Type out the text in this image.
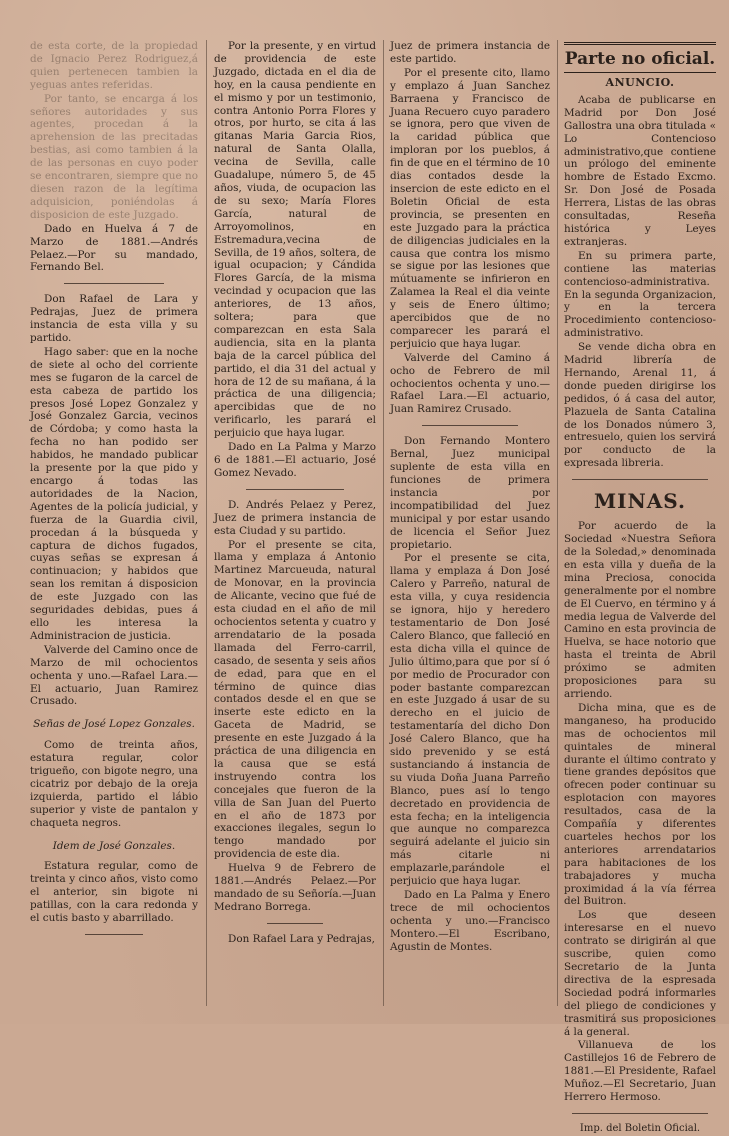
de esta corte, de la propiedad de Ignacio Perez Rodriguez,á quien pertenecen tambien la yeguas antes referidas.

Por tanto, se encarga á los señores autoridades y sus agentes, procedan á la aprehension de las precitadas bestias, asi como tambien á la de las personas en cuyo poder se encontraren, siempre que no diesen razon de la legítima adquisicion, poniéndolas á disposicion de este Juzgado.

Dado en Huelva á 7 de Marzo de 1881.—Andrés Pelaez.—Por su mandado, Fernando Bel.

Don Rafael de Lara y Pedrajas, Juez de primera instancia de esta villa y su partido.

Hago saber: que en la noche de siete al ocho del corriente mes se fugaron de la carcel de esta cabeza de partido los presos José Lopez Gonzalez y José Gonzalez Garcia, vecinos de Córdoba; y como hasta la fecha no han podido ser habidos, he mandado publicar la presente por la que pido y encargo á todas las autoridades de la Nacion, Agentes de la policía judicial, y fuerza de la Guardia civil, procedan á la búsqueda y captura de dichos fugados, cuyas señas se expresan á continuacion; y habidos que sean los remitan á disposicion de este Juzgado con las seguridades debidas, pues á ello les interesa la Administracion de justicia.

Valverde del Camino once de Marzo de mil ochocientos ochenta y uno.—Rafael Lara.—El actuario, Juan Ramirez Crusado.

Señas de José Lopez Gonzales.

Como de treinta años, estatura regular, color trigueño, con bigote negro, una cicatriz por debajo de la oreja izquierda, partido el lábio superior y viste de pantalon y chaqueta negros.

Idem de José Gonzales.

Estatura regular, como de treinta y cinco años, visto como el anterior, sin bigote ni patillas, con la cara redonda y el cutis basto y abarrillado.

Por la presente, y en virtud de providencia de este Juzgado, dictada en el dia de hoy, en la causa pendiente en el mismo y por un testimonio, contra Antonio Porra Flores y otros, por hurto, se cita á las gitanas Maria Garcia Rios, natural de Santa Olalla, vecina de Sevilla, calle Guadalupe, número 5, de 45 años, viuda, de ocupacion las de su sexo; María Flores García, natural de Arroyomolinos, en Estremadura,vecina de Sevilla, de 19 años, soltera, de igual ocupacion; y Cándida Flores García, de la misma vecindad y ocupacion que las anteriores, de 13 años, soltera; para que comparezcan en esta Sala audiencia, sita en la planta baja de la carcel pública del partido, el dia 31 del actual y hora de 12 de su mañana, á la práctica de una diligencia; apercibidas que de no verificarlo, les parará el perjuicio que haya lugar.

Dado en La Palma y Marzo 6 de 1881.—El actuario, José Gomez Nevado.

D. Andrés Pelaez y Perez, Juez de primera instancia de esta Ciudad y su partido.

Por el presente se cita, llama y emplaza á Antonio Martinez Marcueuda, natural de Monovar, en la provincia de Alicante, vecino que fué de esta ciudad en el año de mil ochocientos setenta y cuatro y arrendatario de la posada llamada del Ferro-carril, casado, de sesenta y seis años de edad, para que en el término de quince dias contados desde el en que se inserte este edicto en la Gaceta de Madrid, se presente en este Juzgado á la práctica de una diligencia en la causa que se está instruyendo contra los concejales que fueron de la villa de San Juan del Puerto en el año de 1873 por exacciones ilegales, segun lo tengo mandado por providencia de este dia.

Huelva 9 de Febrero de 1881.—Andrés Pelaez.—Por mandado de su Señoría.—Juan Medrano Borrega.

Don Rafael Lara y Pedrajas,

Juez de primera instancia de este partido.

Por el presente cito, llamo y emplazo á Juan Sanchez Barraena y Francisco de Juana Recuero cuyo paradero se ignora, pero que viven de la caridad pública que imploran por los pueblos, á fin de que en el término de 10 dias contados desde la insercion de este edicto en el Boletin Oficial de esta provincia, se presenten en este Juzgado para la práctica de diligencias judiciales en la causa que contra los mismo se sigue por las lesiones que mútuamente se infirieron en Zalamea la Real el dia veinte y seis de Enero último; apercibidos que de no comparecer les parará el perjuicio que haya lugar.

Valverde del Camino á ocho de Febrero de mil ochocientos ochenta y uno.—Rafael Lara.—El actuario, Juan Ramirez Crusado.

Don Fernando Montero Bernal, Juez municipal suplente de esta villa en funciones de primera instancia por incompatibilidad del Juez municipal y por estar usando de licencia el Señor Juez propietario.

Por el presente se cita, llama y emplaza á Don José Calero y Parreño, natural de esta villa, y cuya residencia se ignora, hijo y heredero testamentario de Don José Calero Blanco, que falleció en esta dicha villa el quince de Julio último,para que por sí ó por medio de Procurador con poder bastante comparezcan en este Juzgado á usar de su derecho en el juicio de testamentaría del dicho Don José Calero Blanco, que ha sido prevenido y se está sustanciando á instancia de su viuda Doña Juana Parreño Blanco, pues así lo tengo decretado en providencia de esta fecha; en la inteligencia que aunque no comparezca seguirá adelante el juicio sin más citarle ni emplazarle,parándole el perjuicio que haya lugar.

Dado en La Palma y Enero trece de mil ochocientos ochenta y uno.—Francisco Montero.—El Escribano, Agustin de Montes.

Parte no oficial.

ANUNCIO.

Acaba de publicarse en Madrid por Don José Gallostra una obra titulada « Lo Contencioso administrativo,que contiene un prólogo del eminente hombre de Estado Excmo. Sr. Don José de Posada Herrera, Listas de las obras consultadas, Reseña histórica y Leyes extranjeras.

En su primera parte, contiene las materias contencioso-administrativa. En la segunda Organizacion, y en la tercera Procedimiento contencioso-administrativo.

Se vende dicha obra en Madrid librería de Hernando, Arenal 11, á donde pueden dirigirse los pedidos, ó á casa del autor, Plazuela de Santa Catalina de los Donados número 3, entresuelo, quien los servirá por conducto de la expresada libreria.

MINAS.

Por acuerdo de la Sociedad «Nuestra Señora de la Soledad,» denominada en esta villa y dueña de la mina Preciosa, conocida generalmente por el nombre de El Cuervo, en término y á media legua de Valverde del Camino en esta provincia de Huelva, se hace notorio que hasta el treinta de Abril próximo se admiten proposiciones para su arriendo.

Dicha mina, que es de manganeso, ha producido mas de ochocientos mil quintales de mineral durante el último contrato y tiene grandes depósitos que ofrecen poder continuar su esplotacion con mayores resultados, casa de la Compañía y diferentes cuarteles hechos por los anteriores arrendatarios para habitaciones de los trabajadores y mucha proximidad á la vía férrea del Buitron.

Los que deseen interesarse en el nuevo contrato se dirigirán al que suscribe, quien como Secretario de la Junta directiva de la espresada Sociedad podrá informarles del pliego de condiciones y trasmitirá sus proposiciones á la general.

Villanueva de los Castillejos 16 de Febrero de 1881.—El Presidente, Rafael Muñoz.—El Secretario, Juan Herrero Hermoso.

Imp. del Boletin Oficial.
